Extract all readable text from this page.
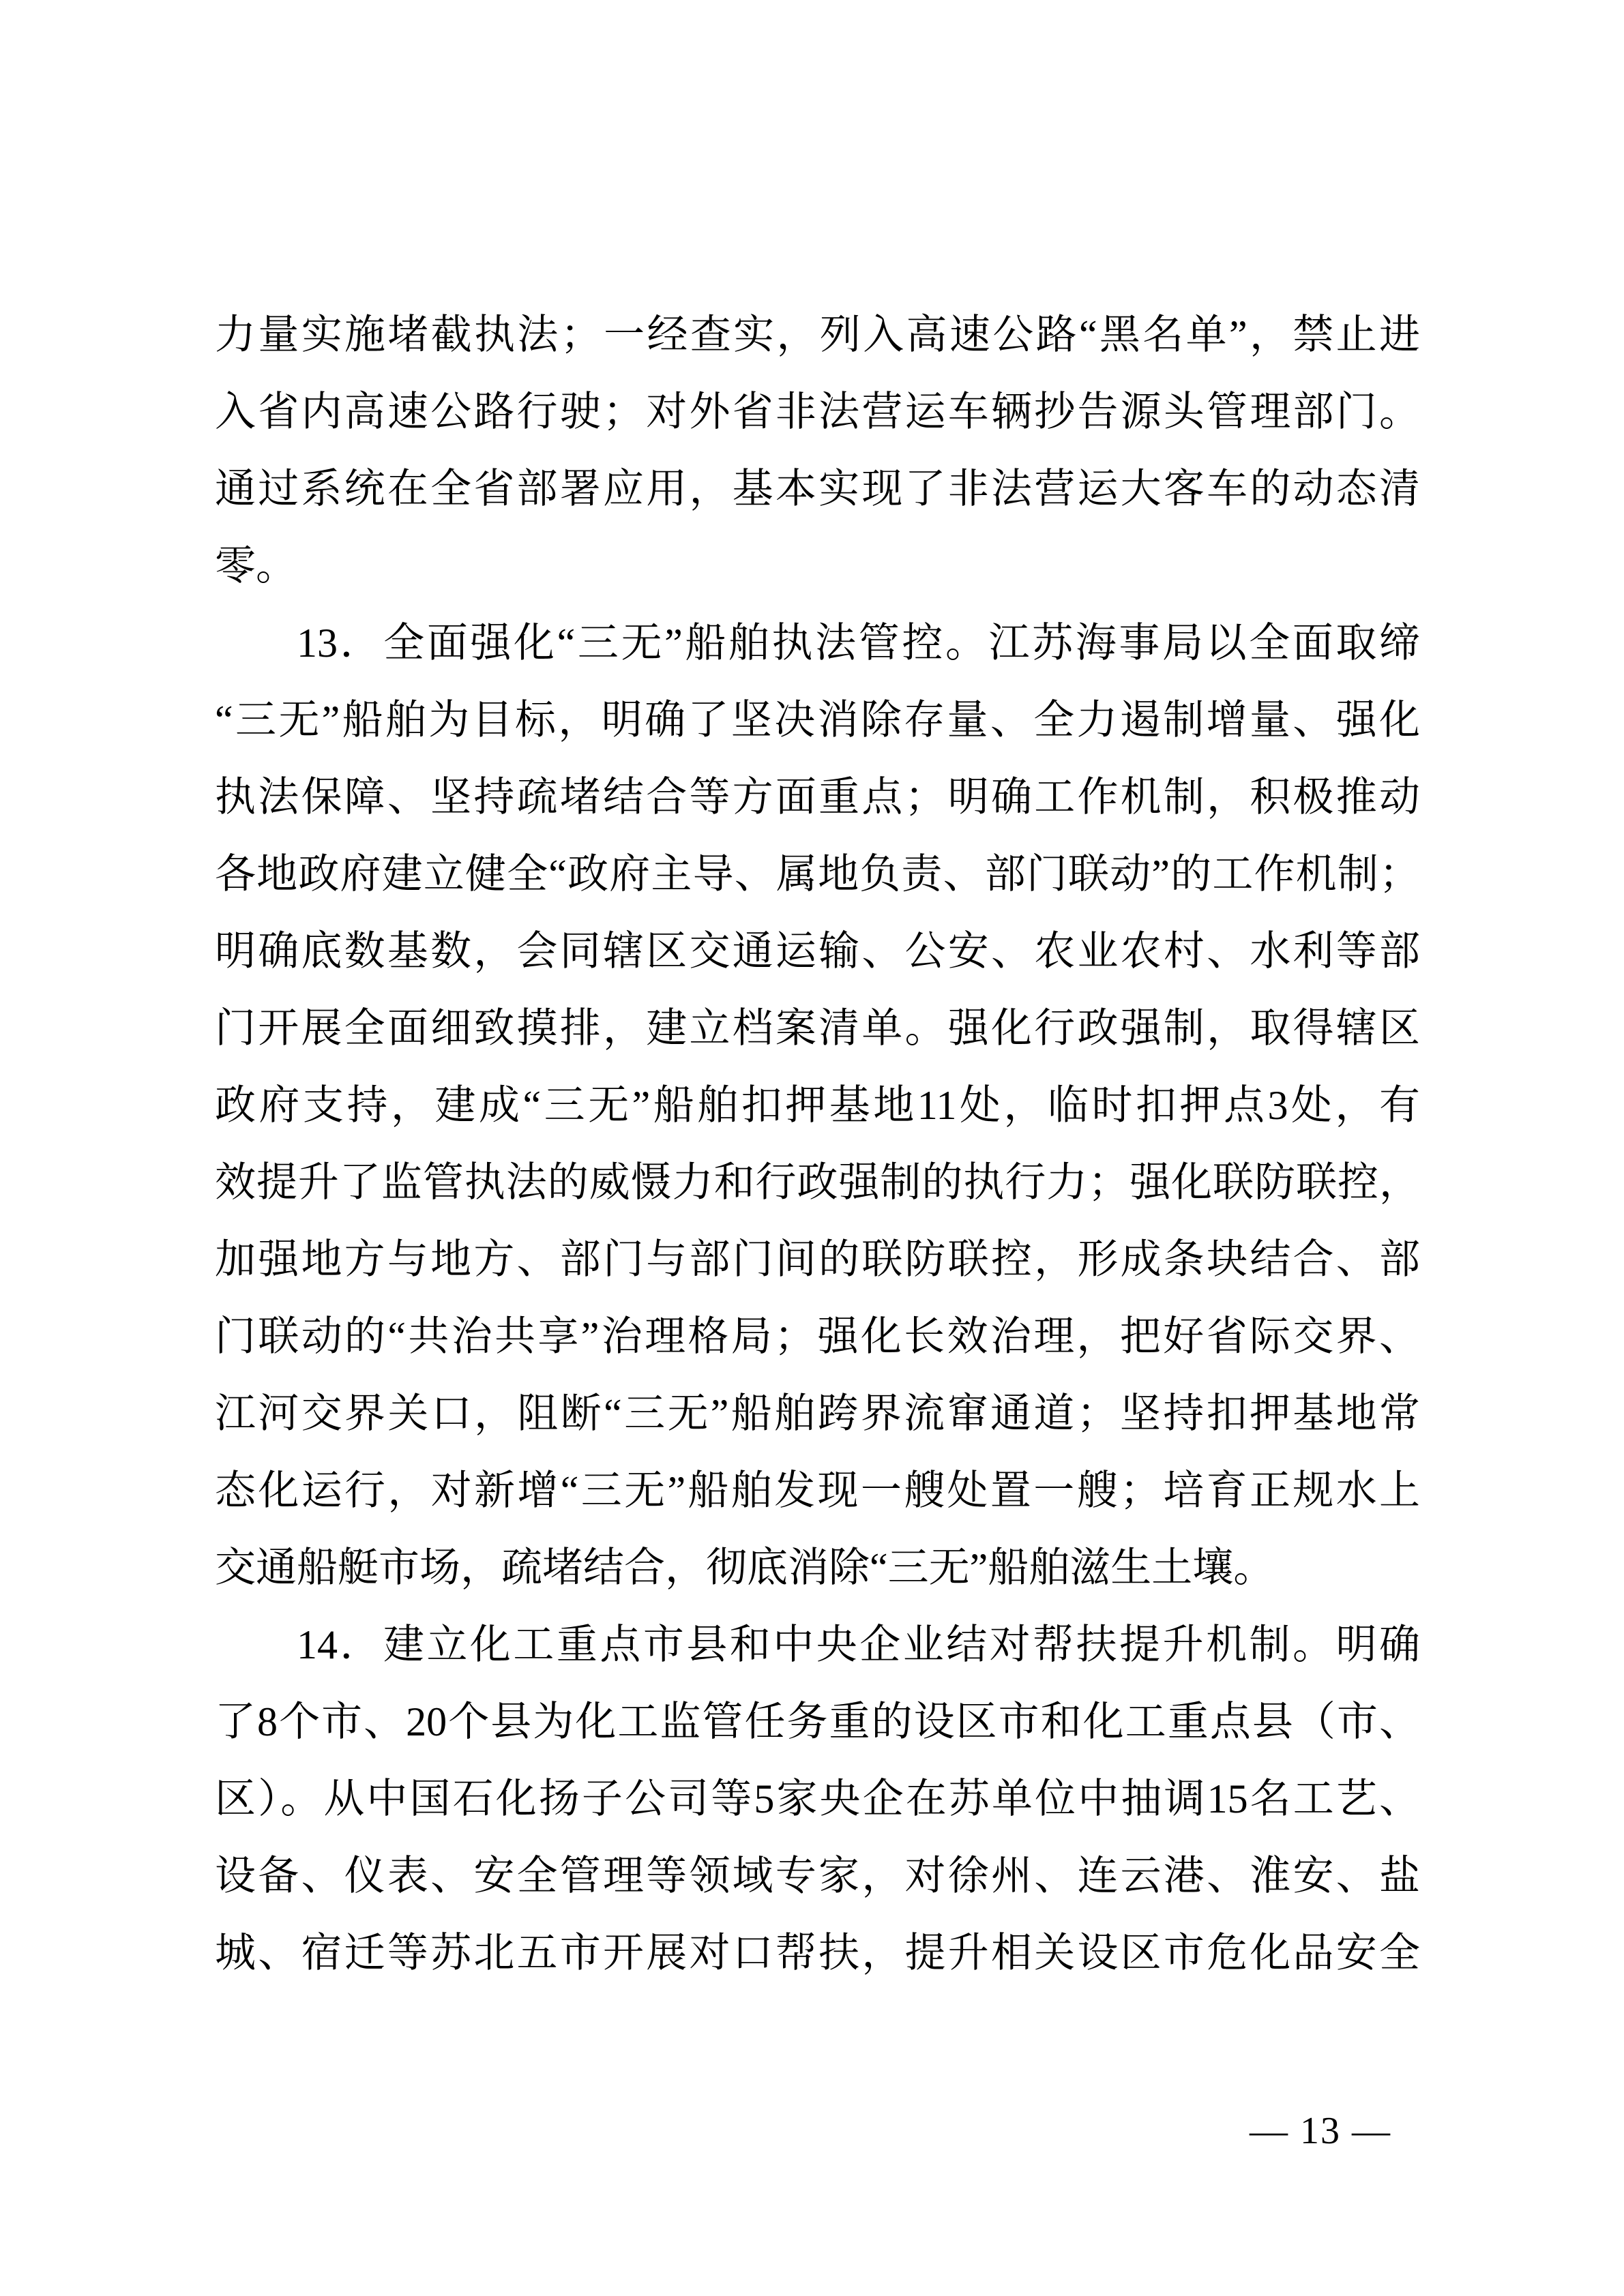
力量实施堵截执法；一经查实，列入高速公路“黑名单”，禁止进
入省内高速公路行驶；对外省非法营运车辆抄告源头管理部门。
通过系统在全省部署应用，基本实现了非法营运大客车的动态清
零。
13．全面强化“三无”船舶执法管控。江苏海事局以全面取缔
“三无”船舶为目标，明确了坚决消除存量、全力遏制增量、强化
执法保障、坚持疏堵结合等方面重点；明确工作机制，积极推动
各地政府建立健全“政府主导、属地负责、部门联动”的工作机制；
明确底数基数，会同辖区交通运输、公安、农业农村、水利等部
门开展全面细致摸排，建立档案清单。强化行政强制，取得辖区
政府支持，建成“三无”船舶扣押基地11处，临时扣押点3处，有
效提升了监管执法的威慑力和行政强制的执行力；强化联防联控，
加强地方与地方、部门与部门间的联防联控，形成条块结合、部
门联动的“共治共享”治理格局；强化长效治理，把好省际交界、
江河交界关口，阻断“三无”船舶跨界流窜通道；坚持扣押基地常
态化运行，对新增“三无”船舶发现一艘处置一艘；培育正规水上
交通船艇市场，疏堵结合，彻底消除“三无”船舶滋生土壤。
14．建立化工重点市县和中央企业结对帮扶提升机制。明确
了8个市、20个县为化工监管任务重的设区市和化工重点县（市、
区）。从中国石化扬子公司等5家央企在苏单位中抽调15名工艺、
设备、仪表、安全管理等领域专家，对徐州、连云港、淮安、盐
城、宿迁等苏北五市开展对口帮扶，提升相关设区市危化品安全
— 13 —
